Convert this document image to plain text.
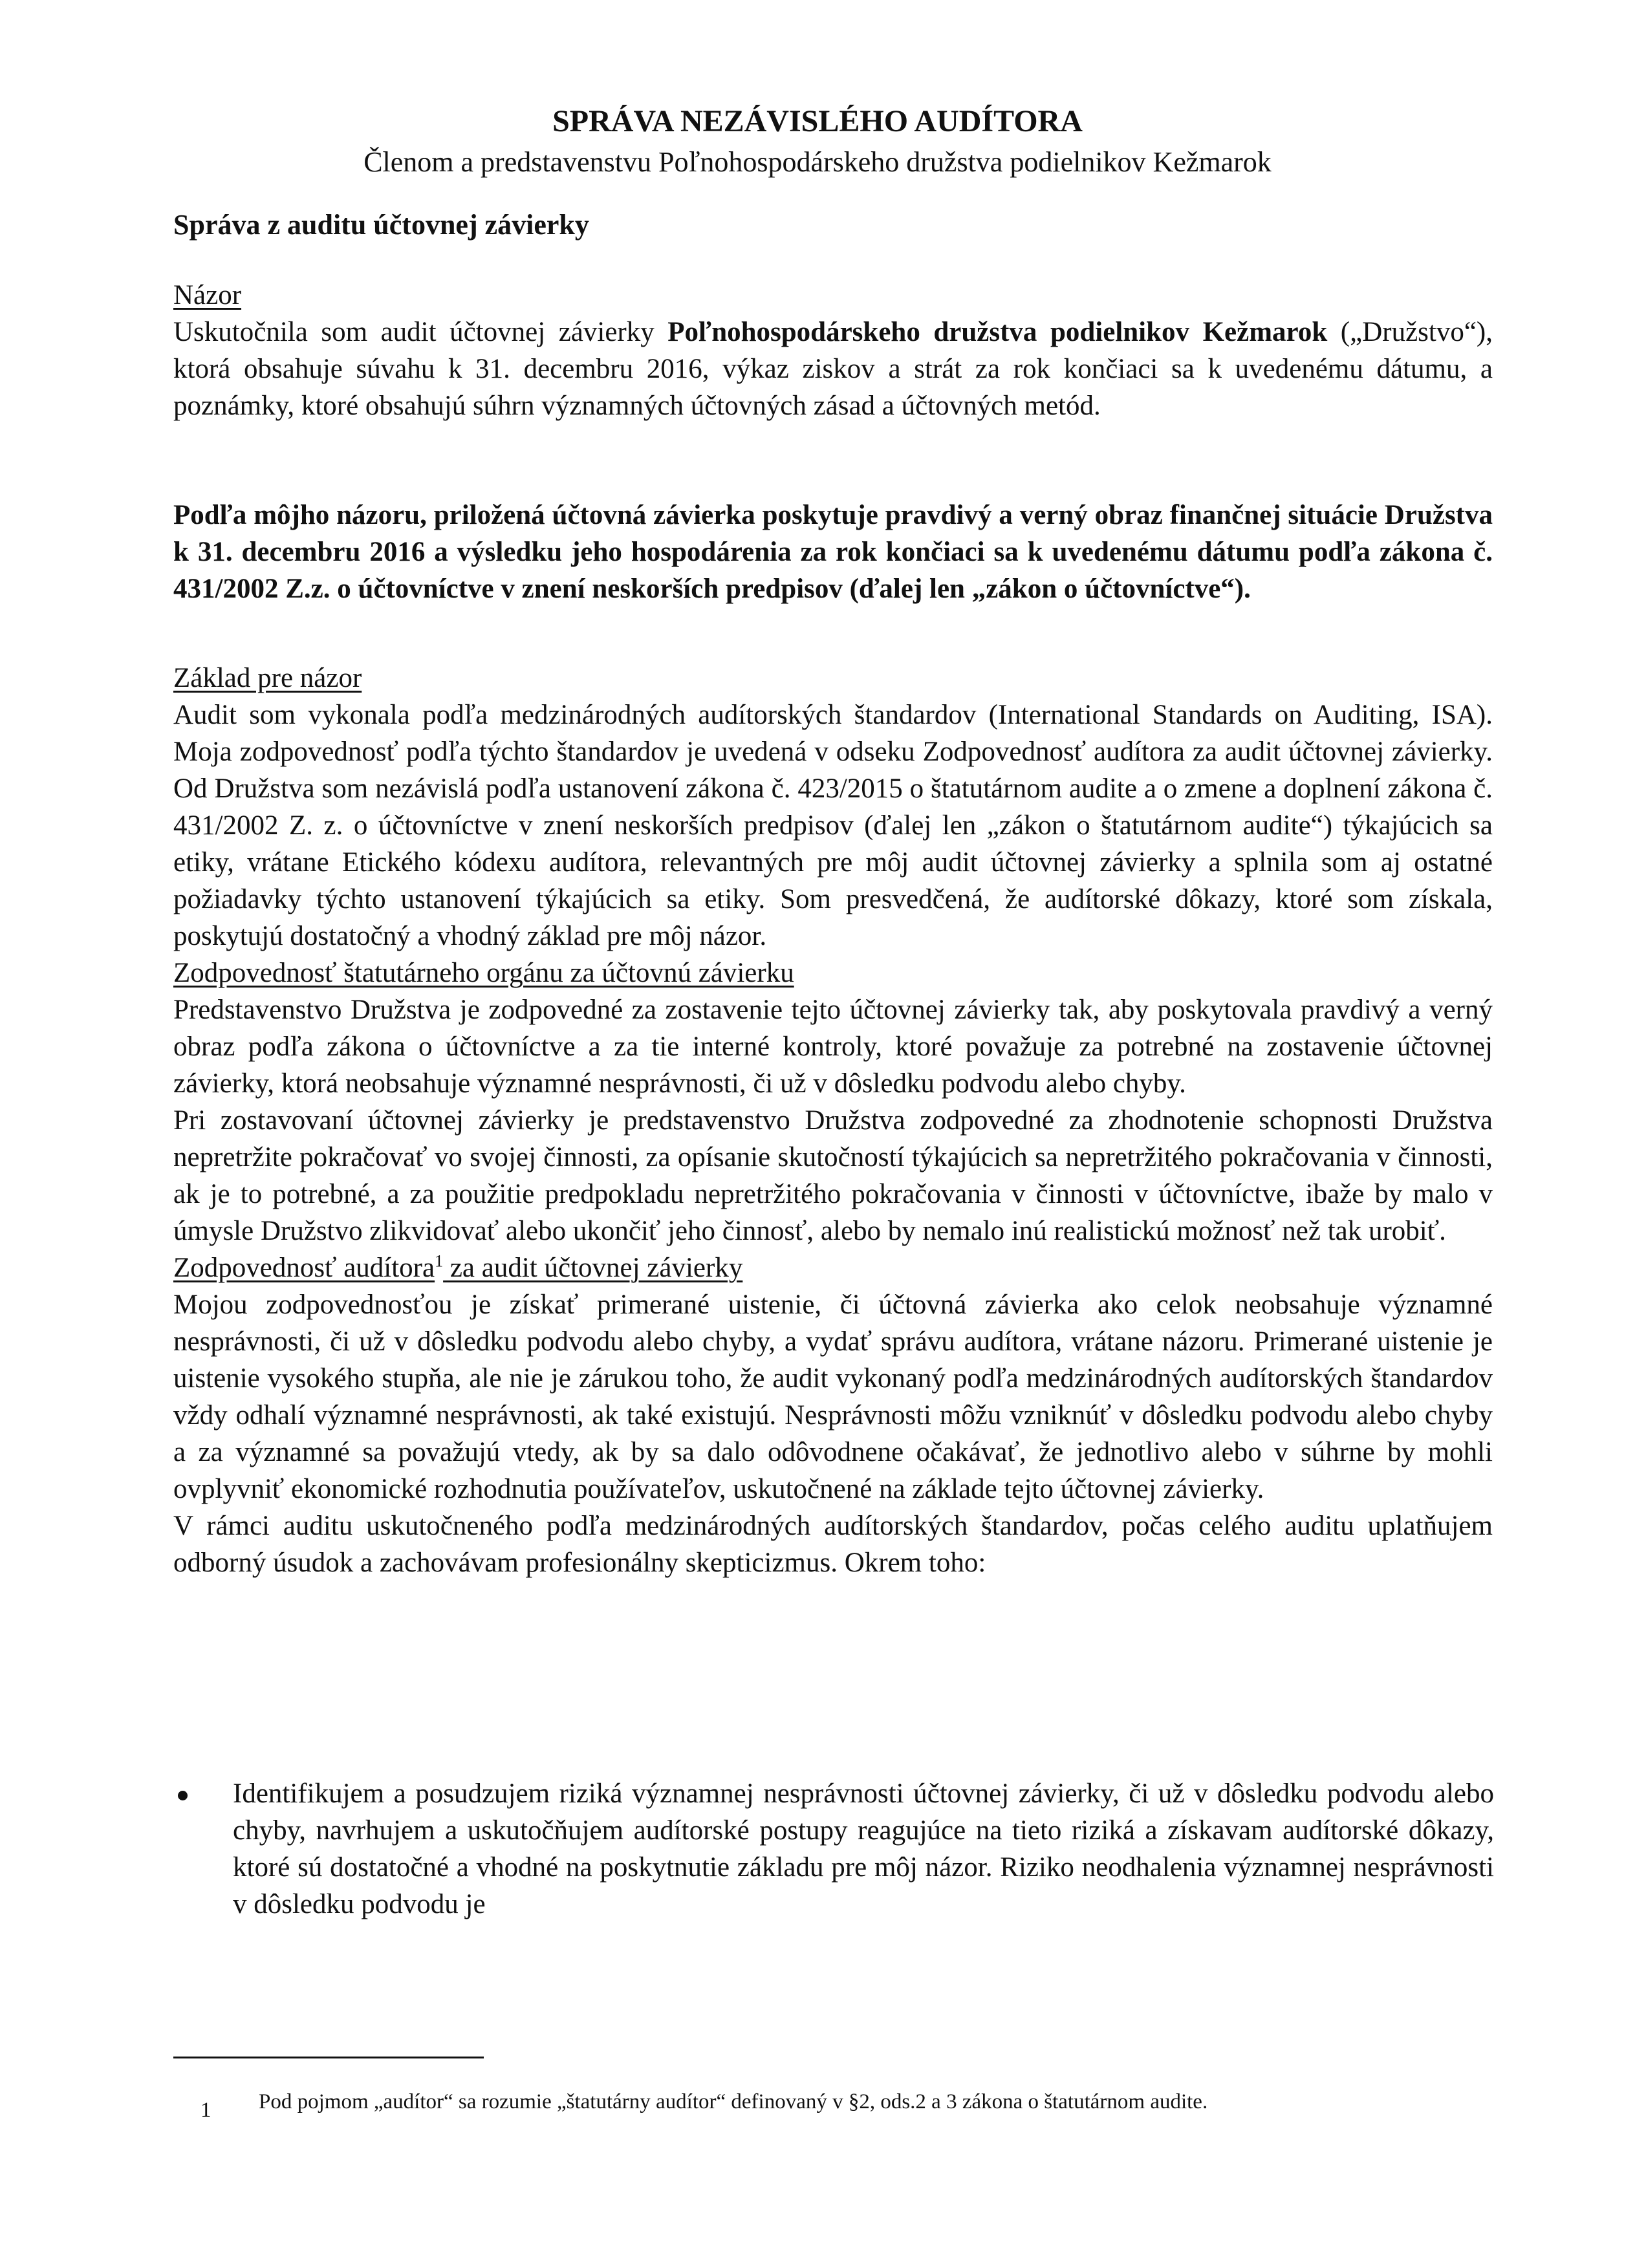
SPRÁVA NEZÁVISLÉHO AUDÍTORA
Členom a predstavenstvu Poľnohospodárskeho družstva podielnikov Kežmarok
Správa z auditu účtovnej závierky
Názor

Uskutočnila som audit účtovnej závierky Poľnohospodárskeho družstva podielnikov Kežmarok („Družstvo“), ktorá obsahuje súvahu k 31. decembru 2016, výkaz ziskov a strát za rok končiaci sa k uvedenému dátumu, a poznámky, ktoré obsahujú súhrn významných účtovných zásad a účtovných metód.

Podľa môjho názoru, priložená účtovná závierka poskytuje pravdivý a verný obraz finančnej situácie Družstva k 31. decembru 2016 a výsledku jeho hospodárenia za rok končiaci sa k uvedenému dátumu podľa zákona č. 431/2002 Z.z. o účtovníctve v znení neskorších predpisov (ďalej len „zákon o účtovníctve“).

Základ pre názor

Audit som vykonala podľa medzinárodných audítorských štandardov (International Standards on Auditing, ISA). Moja zodpovednosť podľa týchto štandardov je uvedená v odseku Zodpovednosť audítora za audit účtovnej závierky. Od Družstva som nezávislá podľa ustanovení zákona č. 423/2015 o štatutárnom audite a o zmene a doplnení zákona č. 431/2002 Z. z. o účtovníctve v znení neskorších predpisov (ďalej len „zákon o štatutárnom audite“) týkajúcich sa etiky, vrátane Etického kódexu audítora, relevantných pre môj audit účtovnej závierky a splnila som aj ostatné požiadavky týchto ustanovení týkajúcich sa etiky. Som presvedčená, že audítorské dôkazy, ktoré som získala, poskytujú dostatočný a vhodný základ pre môj názor.

Zodpovednosť štatutárneho orgánu za účtovnú závierku

Predstavenstvo Družstva je zodpovedné za zostavenie tejto účtovnej závierky tak, aby poskytovala pravdivý a verný obraz podľa zákona o účtovníctve a za tie interné kontroly, ktoré považuje za potrebné na zostavenie účtovnej závierky, ktorá neobsahuje významné nesprávnosti, či už v dôsledku podvodu alebo chyby.

Pri zostavovaní účtovnej závierky je predstavenstvo Družstva zodpovedné za zhodnotenie schopnosti Družstva nepretržite pokračovať vo svojej činnosti, za opísanie skutočností týkajúcich sa nepretržitého pokračovania v činnosti, ak je to potrebné, a za použitie predpokladu nepretržitého pokračovania v činnosti v účtovníctve, ibaže by malo v úmysle Družstvo zlikvidovať alebo ukončiť jeho činnosť, alebo by nemalo inú realistickú možnosť než tak urobiť.

Zodpovednosť audítora$^1$ za audit účtovnej závierky

Mojou zodpovednosťou je získať primerané uistenie, či účtovná závierka ako celok neobsahuje významné nesprávnosti, či už v dôsledku podvodu alebo chyby, a vydať správu audítora, vrátane názoru. Primerané uistenie je uistenie vysokého stupňa, ale nie je zárukou toho, že audit vykonaný podľa medzinárodných audítorských štandardov vždy odhalí významné nesprávnosti, ak také existujú. Nesprávnosti môžu vzniknúť v dôsledku podvodu alebo chyby a za významné sa považujú vtedy, ak by sa dalo odôvodnene očakávať, že jednotlivo alebo v súhrne by mohli ovplyvniť ekonomické rozhodnutia používateľov, uskutočnené na základe tejto účtovnej závierky.

V rámci auditu uskutočneného podľa medzinárodných audítorských štandardov, počas celého auditu uplatňujem odborný úsudok a zachovávam profesionálny skepticizmus. Okrem toho:

Identifikujem a posudzujem riziká významnej nesprávnosti účtovnej závierky, či už v dôsledku podvodu alebo chyby, navrhujem a uskutočňujem audítorské postupy reagujúce na tieto riziká a získavam audítorské dôkazy, ktoré sú dostatočné a vhodné na poskytnutie základu pre môj názor. Riziko neodhalenia významnej nesprávnosti v dôsledku podvodu je

1 Pod pojmom „audítor“ sa rozumie „štatutárny audítor“ definovaný v §2, ods.2 a 3 zákona o štatutárnom audite.
